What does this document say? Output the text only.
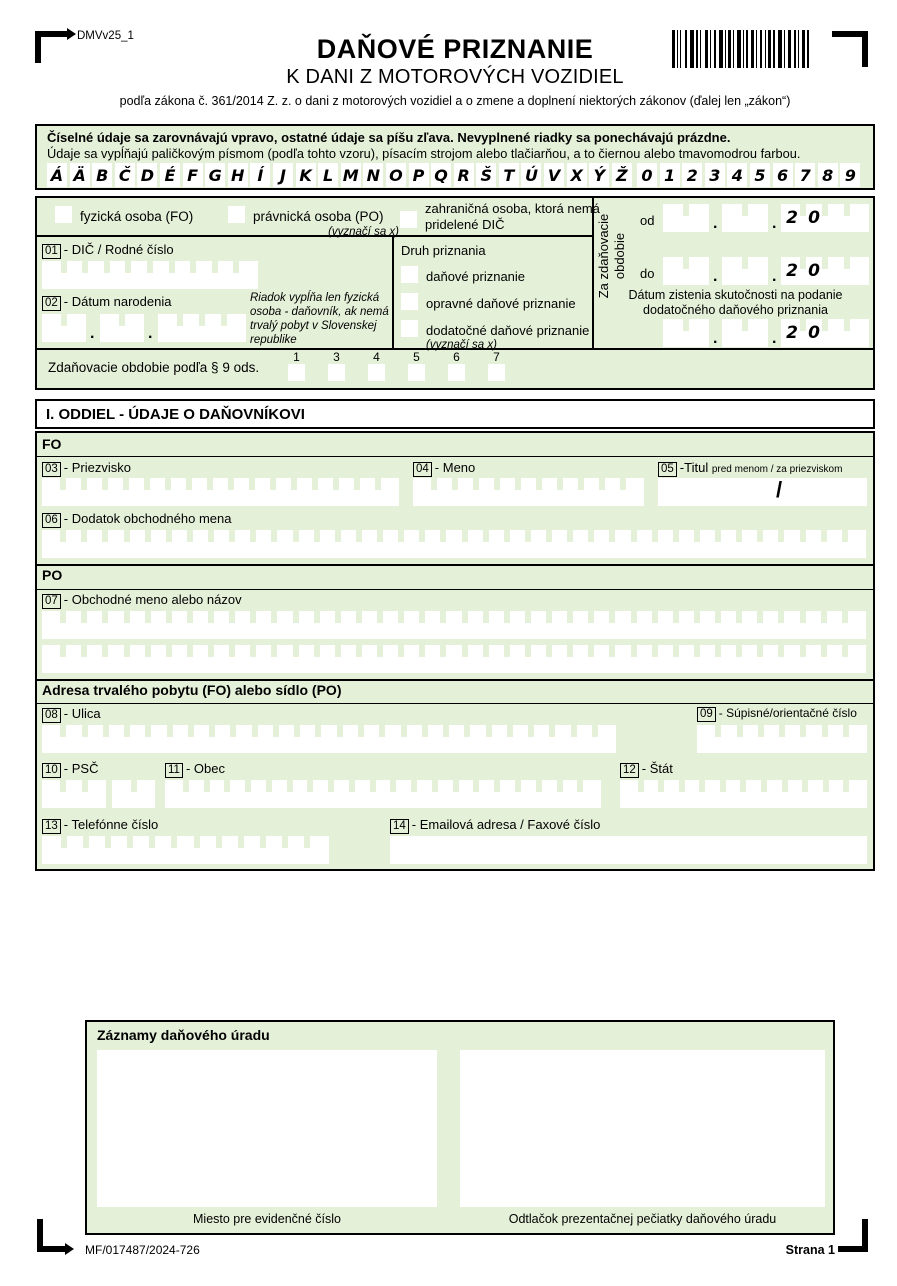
DMVv25_1	DAŇOVÉ PRIZNANIE
K DANI Z MOTOROVÝCH VOZIDIEL
podľa zákona č. 361/2014 Z. z. o dani z motorových vozidiel a o zmene a doplnení niektorých zákonov (ďalej len „zákon“)
Číselné údaje sa zarovnávajú vpravo, ostatné údaje sa píšu zľava. Nevyplnené riadky sa ponechávajú prázdne.
Údaje sa vypĺňajú paličkovým písmom (podľa tohto vzoru), písacím strojom alebo tlačiarňou, a to čiernou alebo tmavomodrou farbou.
Á Ä B Č D É F G H Í	J K L M N O P Q R Š T Ú V X Ý Ž 0 1 2 3 4 5 6 7 8 9
fyzická osoba (FO)	právnická osoba (PO)
(vyznačí sa x)
zahraničná osoba, ktorá nemá
pridelené DIČ
01 - DIČ / Rodné číslo
02 - Dátum narodenia
.	.
Riadok vypĺňa len fyzická osoba - daňovník, ak nemá trvalý pobyt v Slovenskej republike
Druh priznania
daňové priznanie
opravné daňové priznanie
dodatočné daňové priznanie
(vyznačí sa x)
Za zdaňovacie obdobie
od	.	. 2 0
do	.	. 2 0
Dátum zistenia skutočnosti na podanie
dodatočného daňového priznania
.	. 2 0
Zdaňovacie obdobie podľa § 9 ods.
1	3	4	5	6	7
I. ODDIEL - ÚDAJE O DAŇOVNÍKOVI
FO
03 - Priezvisko	04 - Meno	05 -Titul pred menom / za priezviskom
/
06 - Dodatok obchodného mena
PO
07 - Obchodné meno alebo názov
Adresa trvalého pobytu (FO) alebo sídlo (PO)
08 - Ulica	09 - Súpisné/orientačné číslo
10 - PSČ	11 - Obec	12 - Štát
13 - Telefónne číslo	14 - Emailová adresa / Faxové číslo
Záznamy daňového úradu
Miesto pre evidenčné číslo	Odtlačok prezentačnej pečiatky daňového úradu
MF/017487/2024-726	Strana 1
